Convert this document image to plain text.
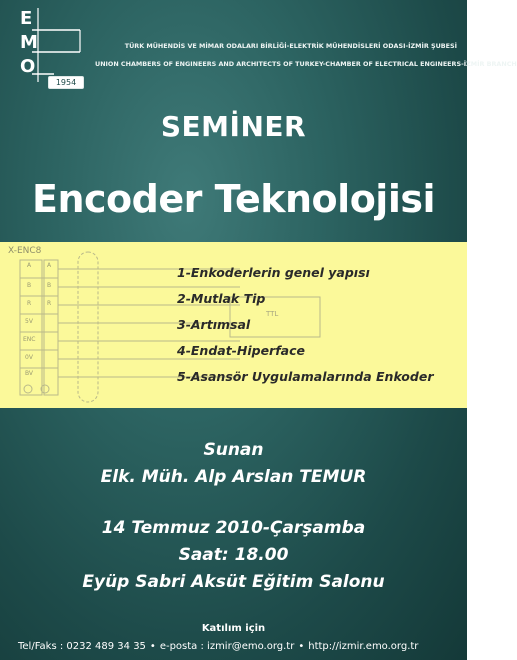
E
M
O
1954
TÜRK MÜHENDİS VE MİMAR ODALARI BİRLİĞİ-ELEKTRİK MÜHENDİSLERİ ODASI-İZMİR ŞUBESİ
UNION CHAMBERS OF ENGINEERS AND ARCHITECTS OF TURKEY-CHAMBER OF ELECTRICAL ENGINEERS-İZMİR BRANCH
SEMİNER
Encoder Teknolojisi
X-ENC8
A	A
B	B
R	R
5V
ENC
0V
BV
TTL
1-Enkoderlerin genel yapısı
2-Mutlak Tip
3-Artımsal
4-Endat-Hiperface
5-Asansör Uygulamalarında Enkoder
Sunan
Elk. Müh. Alp Arslan TEMUR
14 Temmuz 2010-Çarşamba
Saat: 18.00
Eyüp Sabri Aksüt Eğitim Salonu
Katılım için
Tel/Faks : 0232 489 34 35 • e-posta : izmir@emo.org.tr • http://izmir.emo.org.tr
